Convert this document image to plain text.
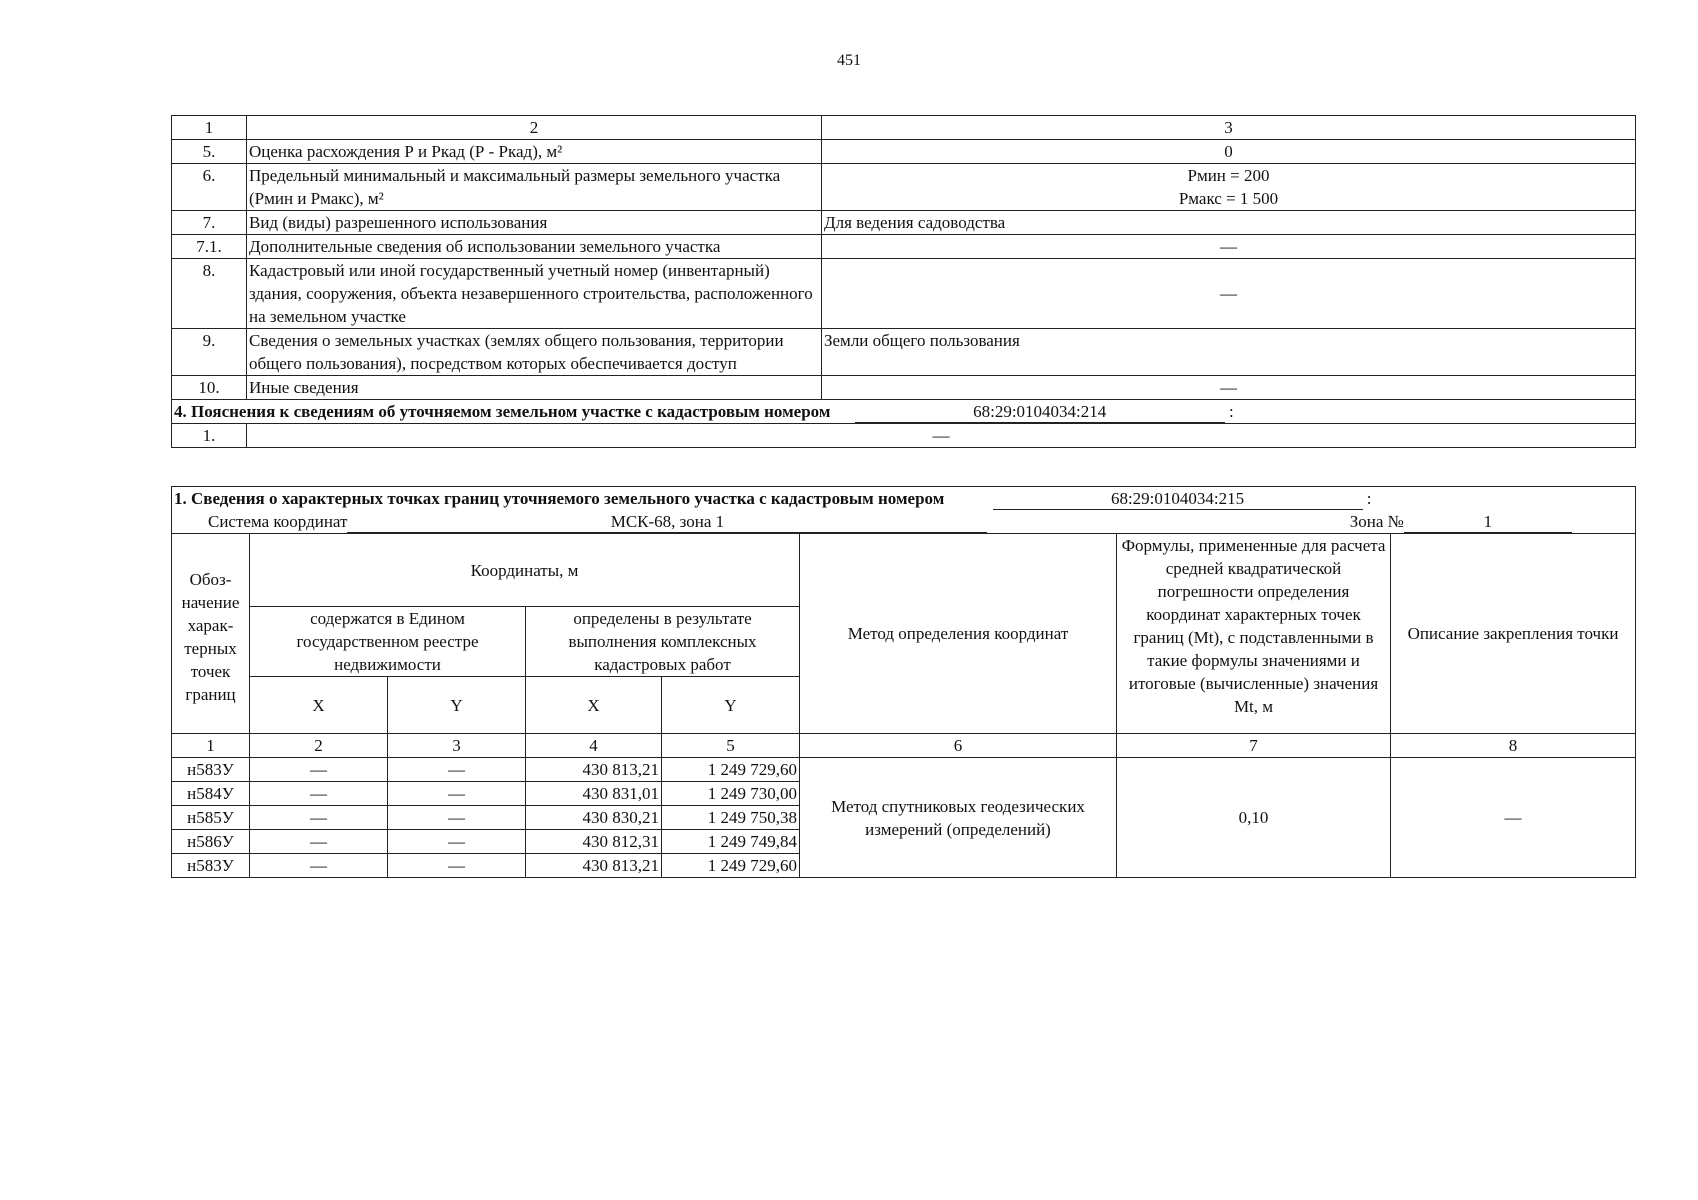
451
1	2	3
5.	Оценка расхождения Р и Ркад (Р - Ркад), м²	0
6.	Предельный минимальный и максимальный размеры земельного участка (Рмин и Рмакс), м²	Рмин = 200
Рмакс = 1 500

7.	Вид (виды) разрешенного использования	Для ведения садоводства
7.1.	Дополнительные сведения об использовании земельного участка	—
8.	Кадастровый или иной государственный учетный номер (инвентарный) здания, сооружения, объекта незавершенного строительства, расположенного на земельном участке	—
9.	Сведения о земельных участках (землях общего пользования, территории общего пользования), посредством которых обеспечивается доступ	Земли общего пользования
10.	Иные сведения	—
4. Пояснения к сведениям об уточняемом земельном участке с кадастровым номером 68:29:0104034:214 :		
1.	—	
1. Сведения о характерных точках границ уточняемого земельного участка с кадастровым номером 68:29:0104034:215 :							
Система координат МСК-68, зона 1 Зона № 1							
Обоз-начение харак-терных точек границ	Координаты, м				Метод определения координат	Формулы, примененные для расчета средней квадратической погрешности определения координат характерных точек границ (Mt), с подставленными в такие формулы значениями и итоговые (вычисленные) значения Mt, м	Описание закрепления точки
	содержатся в Едином государственном реестре недвижимости		определены в результате выполнения комплексных кадастровых работ				
	X	Y	X	Y			
1	2	3	4	5	6	7	8
н583У	—	—	430 813,21	1 249 729,60	Метод спутниковых геодезических измерений (определений)	0,10	—
н584У	—	—	430 831,01	1 249 730,00			
н585У	—	—	430 830,21	1 249 750,38			
н586У	—	—	430 812,31	1 249 749,84			
н583У	—	—	430 813,21	1 249 729,60			
